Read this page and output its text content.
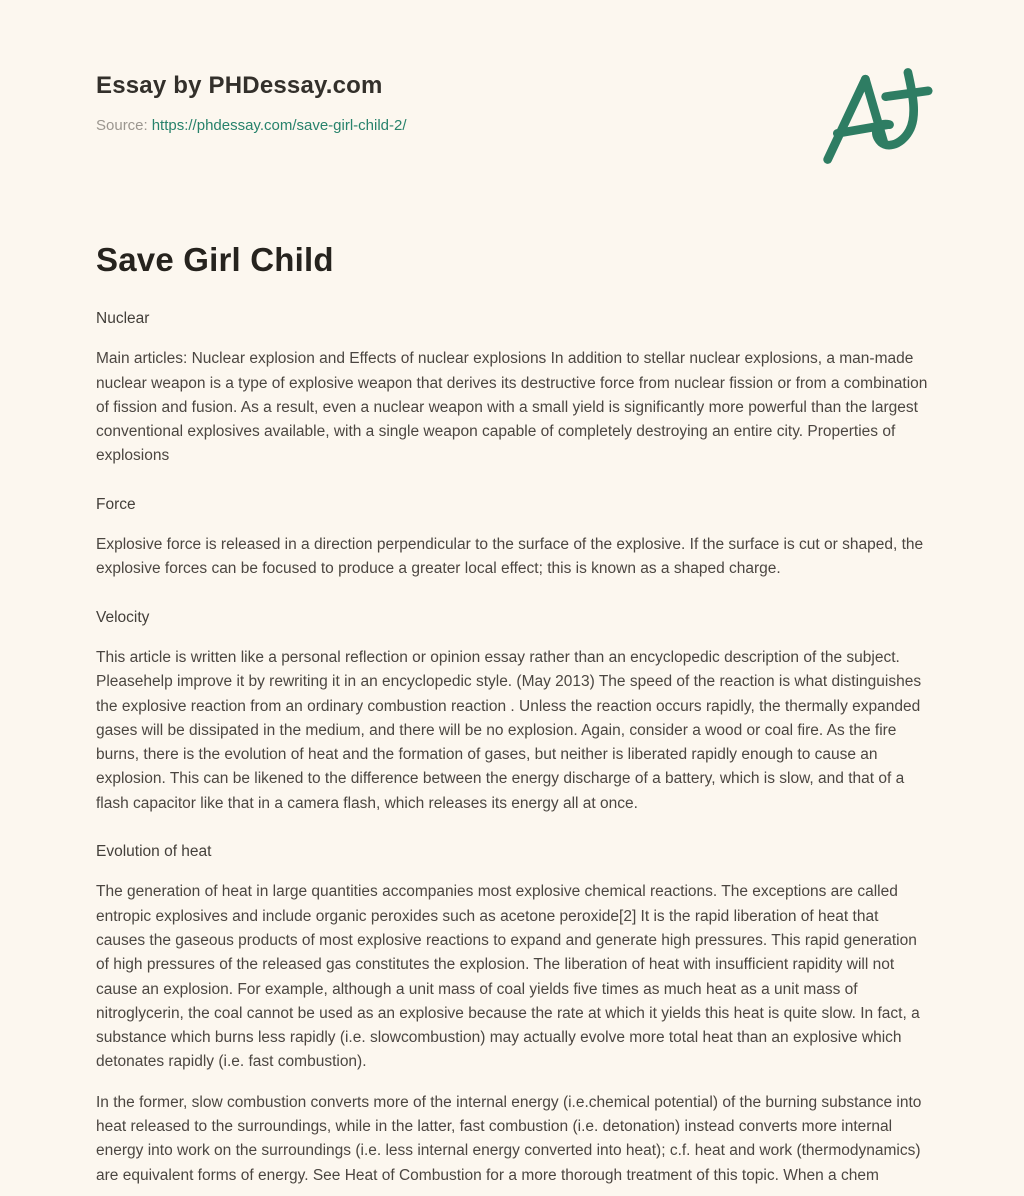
Essay by PHDessay.com
Source: https://phdessay.com/save-girl-child-2/
Save Girl Child
Nuclear

Main articles: Nuclear explosion and Effects of nuclear explosions In addition to stellar nuclear explosions, a man-made nuclear weapon is a type of explosive weapon that derives its destructive force from nuclear fission or from a combination of fission and fusion. As a result, even a nuclear weapon with a small yield is significantly more powerful than the largest conventional explosives available, with a single weapon capable of completely destroying an entire city. Properties of explosions

Force

Explosive force is released in a direction perpendicular to the surface of the explosive. If the surface is cut or shaped, the explosive forces can be focused to produce a greater local effect; this is known as a shaped charge.

Velocity

This article is written like a personal reflection or opinion essay rather than an encyclopedic description of the subject. Pleasehelp improve it by rewriting it in an encyclopedic style. (May 2013) The speed of the reaction is what distinguishes the explosive reaction from an ordinary combustion reaction . Unless the reaction occurs rapidly, the thermally expanded gases will be dissipated in the medium, and there will be no explosion. Again, consider a wood or coal fire. As the fire burns, there is the evolution of heat and the formation of gases, but neither is liberated rapidly enough to cause an explosion. This can be likened to the difference between the energy discharge of a battery, which is slow, and that of a flash capacitor like that in a camera flash, which releases its energy all at once.

Evolution of heat

The generation of heat in large quantities accompanies most explosive chemical reactions. The exceptions are called entropic explosives and include organic peroxides such as acetone peroxide[2] It is the rapid liberation of heat that causes the gaseous products of most explosive reactions to expand and generate high pressures. This rapid generation of high pressures of the released gas constitutes the explosion. The liberation of heat with insufficient rapidity will not cause an explosion. For example, although a unit mass of coal yields five times as much heat as a unit mass of nitroglycerin, the coal cannot be used as an explosive because the rate at which it yields this heat is quite slow. In fact, a substance which burns less rapidly (i.e. slowcombustion) may actually evolve more total heat than an explosive which detonates rapidly (i.e. fast combustion).

In the former, slow combustion converts more of the internal energy (i.e.chemical potential) of the burning substance into heat released to the surroundings, while in the latter, fast combustion (i.e. detonation) instead converts more internal energy into work on the surroundings (i.e. less internal energy converted into heat); c.f. heat and work (thermodynamics) are equivalent forms of energy. See Heat of Combustion for a more thorough treatment of this topic. When a chem
